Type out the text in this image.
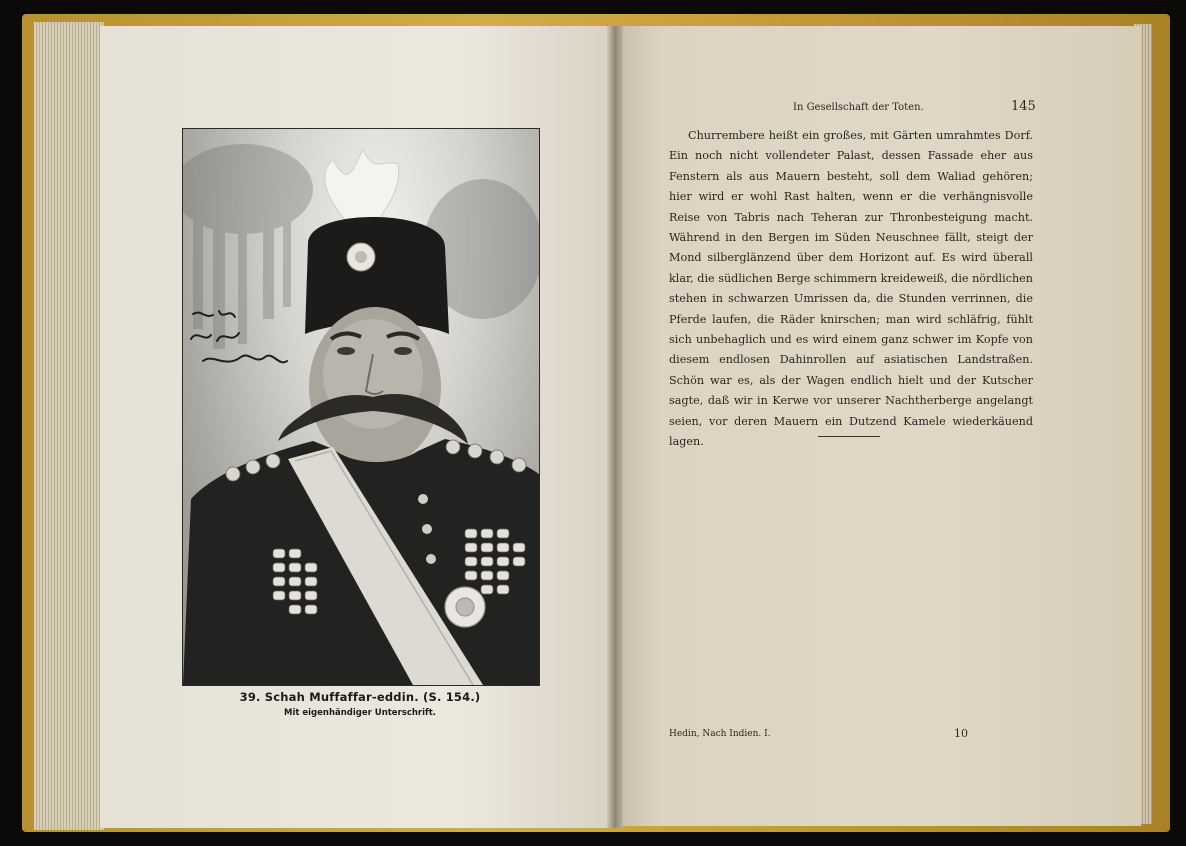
39. Schah Muffaffar-eddin. (S. 154.)
Mit eigenhändiger Unterschrift.
In Gesellschaft der Toten.	145

Churrembere heißt ein großes, mit Gärten umrahmtes Dorf. Ein noch nicht vollendeter Palast, dessen Fassade eher aus Fenstern als aus Mauern besteht, soll dem Waliad gehören; hier wird er wohl Rast halten, wenn er die verhängnisvolle Reise von Tabris nach Teheran zur Thronbesteigung macht. Während in den Bergen im Süden Neuschnee fällt, steigt der Mond silberglänzend über dem Horizont auf. Es wird überall klar, die südlichen Berge schimmern kreideweiß, die nördlichen stehen in schwarzen Umrissen da, die Stunden verrinnen, die Pferde laufen, die Räder knirschen; man wird schläfrig, fühlt sich unbehaglich und es wird einem ganz schwer im Kopfe von diesem endlosen Dahinrollen auf asiatischen Landstraßen. Schön war es, als der Wagen endlich hielt und der Kutscher sagte, daß wir in Kerwe vor unserer Nachtherberge angelangt seien, vor deren Mauern ein Dutzend Kamele wiederkäuend lagen.

Hedin, Nach Indien. I.	10
